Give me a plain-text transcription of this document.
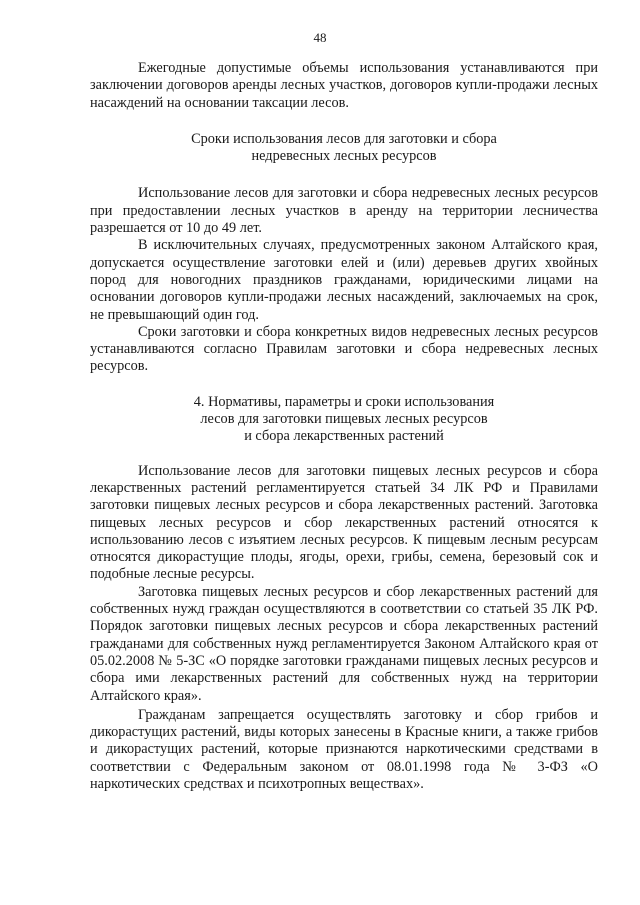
48

Ежегодные допустимые объемы использования устанавливаются при заключении договоров аренды лесных участков, договоров купли-продажи лесных насаждений на основании таксации лесов.

Сроки использования лесов для заготовки и сбора

недревесных лесных ресурсов

Использование лесов для заготовки и сбора недревесных лесных ресурсов при предоставлении лесных участков в аренду на территории лесничества разрешается от 10 до 49 лет.

В исключительных случаях, предусмотренных законом Алтайского края, допускается осуществление заготовки елей и (или) деревьев других хвойных пород для новогодних праздников гражданами, юридическими лицами на основании договоров купли-продажи лесных насаждений, заключаемых на срок, не превышающий один год.

Сроки заготовки и сбора конкретных видов недревесных лесных ресурсов устанавливаются согласно Правилам заготовки и сбора недревесных лесных ресурсов.

4. Нормативы, параметры и сроки использования

лесов для заготовки пищевых лесных ресурсов

и сбора лекарственных растений

Использование лесов для заготовки пищевых лесных ресурсов и сбора лекарственных растений регламентируется статьей 34 ЛК РФ и Правилами заготовки пищевых лесных ресурсов и сбора лекарственных растений. Заготовка пищевых лесных ресурсов и сбор лекарственных растений относятся к использованию лесов с изъятием лесных ресурсов. К пищевым лесным ресурсам относятся дикорастущие плоды, ягоды, орехи, грибы, семена, березовый сок и подобные лесные ресурсы.

Заготовка пищевых лесных ресурсов и сбор лекарственных растений для собственных нужд граждан осуществляются в соответствии со статьей 35 ЛК РФ. Порядок заготовки пищевых лесных ресурсов и сбора лекарственных растений гражданами для собственных нужд регламентируется Законом Алтайского края от 05.02.2008 № 5-ЗС «О порядке заготовки гражданами пищевых лесных ресурсов и сбора ими лекарственных растений для собственных нужд на территории Алтайского края».

Гражданам запрещается осуществлять заготовку и сбор грибов и дикорастущих растений, виды которых занесены в Красные книги, а также грибов и дикорастущих растений, которые признаются наркотическими средствами в соответствии с Федеральным законом от 08.01.1998 года № 3-ФЗ «О наркотических средствах и психотропных веществах».
